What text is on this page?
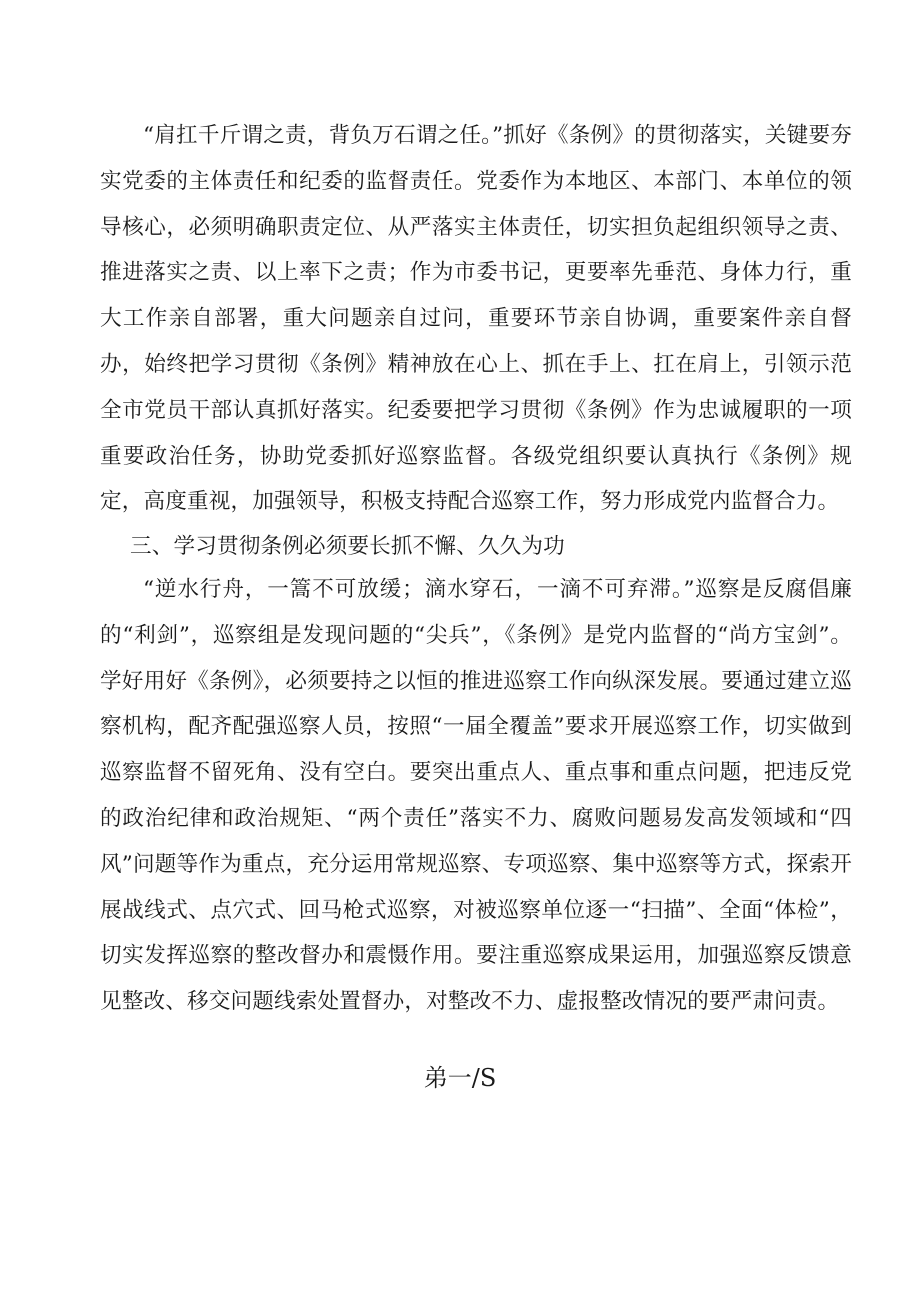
“肩扛千斤谓之责，背负万石谓之任。”抓好《条例》的贯彻落实，关键要夯实党委的主体责任和纪委的监督责任。党委作为本地区、本部门、本单位的领导核心，必须明确职责定位、从严落实主体责任，切实担负起组织领导之责、推进落实之责、以上率下之责；作为市委书记，更要率先垂范、身体力行，重大工作亲自部署，重大问题亲自过问，重要环节亲自协调，重要案件亲自督办，始终把学习贯彻《条例》精神放在心上、抓在手上、扛在肩上，引领示范全市党员干部认真抓好落实。纪委要把学习贯彻《条例》作为忠诚履职的一项重要政治任务，协助党委抓好巡察监督。各级党组织要认真执行《条例》规定，高度重视，加强领导，积极支持配合巡察工作，努力形成党内监督合力。

三、学习贯彻条例必须要长抓不懈、久久为功

“逆水行舟，一篙不可放缓；滴水穿石，一滴不可弃滞。”巡察是反腐倡廉的“利剑”，巡察组是发现问题的“尖兵”，《条例》是党内监督的“尚方宝剑”。学好用好《条例》，必须要持之以恒的推进巡察工作向纵深发展。要通过建立巡察机构，配齐配强巡察人员，按照“一届全覆盖”要求开展巡察工作，切实做到巡察监督不留死角、没有空白。要突出重点人、重点事和重点问题，把违反党的政治纪律和政治规矩、“两个责任”落实不力、腐败问题易发高发领域和“四风”问题等作为重点，充分运用常规巡察、专项巡察、集中巡察等方式，探索开展战线式、点穴式、回马枪式巡察，对被巡察单位逐一“扫描”、全面“体检”，切实发挥巡察的整改督办和震慑作用。要注重巡察成果运用，加强巡察反馈意见整改、移交问题线索处置督办，对整改不力、虚报整改情况的要严肃问责。

弟一/S
